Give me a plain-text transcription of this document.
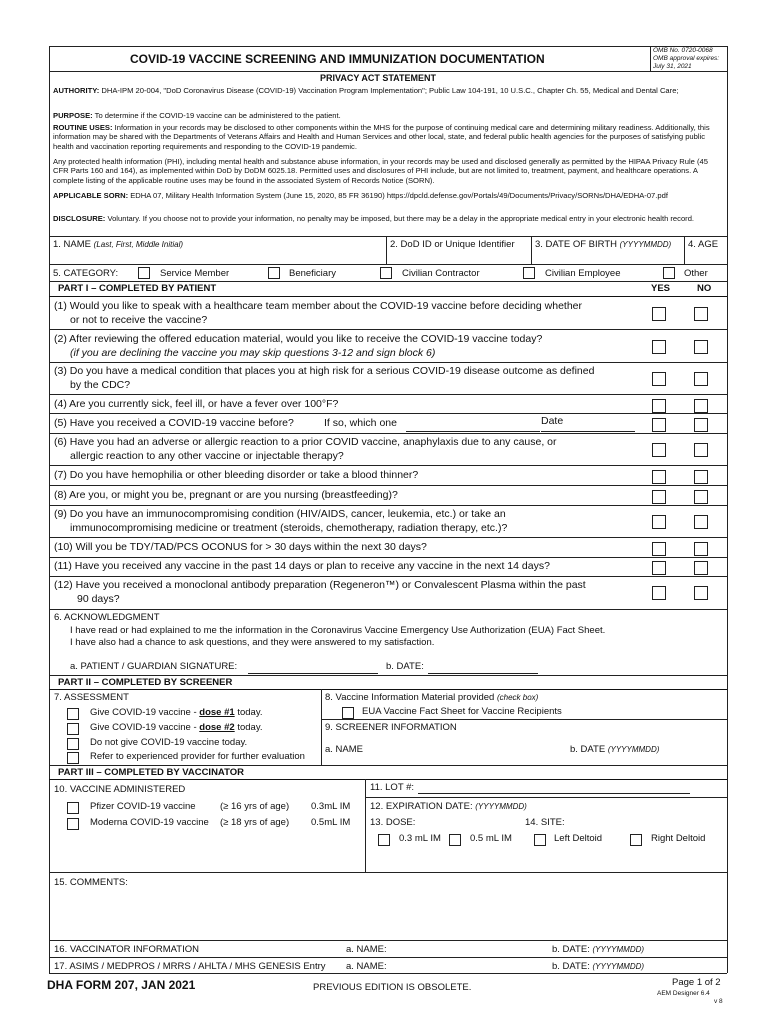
COVID-19 VACCINE SCREENING AND IMMUNIZATION DOCUMENTATION
OMB No. 0720-0068
OMB approval expires:
July 31, 2021
PRIVACY ACT STATEMENT
AUTHORITY: DHA-IPM 20-004, "DoD Coronavirus Disease (COVID-19) Vaccination Program Implementation"; Public Law 104-191, 10 U.S.C., Chapter Ch. 55, Medical and Dental Care;
PURPOSE: To determine if the COVID-19 vaccine can be administered to the patient.
ROUTINE USES: Information in your records may be disclosed to other components within the MHS for the purpose of continuing medical care and determining military readiness. Additionally, this information may be shared with the Departments of Veterans Affairs and Health and Human Services and other local, state, and federal public health agencies for the purposes of satisfying public health and vaccination reporting requirements and responding to the COVID-19 pandemic.
Any protected health information (PHI), including mental health and substance abuse information, in your records may be used and disclosed generally as permitted by the HIPAA Privacy Rule (45 CFR Parts 160 and 164), as implemented within DoD by DoDM 6025.18. Permitted uses and disclosures of PHI include, but are not limited to, treatment, payment, and healthcare operations. A complete listing of the applicable routine uses may be found in the associated System of Records Notice (SORN).
APPLICABLE SORN: EDHA 07, Military Health Information System (June 15, 2020, 85 FR 36190) https://dpcld.defense.gov/Portals/49/Documents/Privacy/SORNs/DHA/EDHA-07.pdf
DISCLOSURE: Voluntary. If you choose not to provide your information, no penalty may be imposed, but there may be a delay in the appropriate medical entry in your electronic health record.
1. NAME (Last, First, Middle Initial)	2. DoD ID or Unique Identifier 3. DATE OF BIRTH (YYYYMMDD) 4. AGE
5. CATEGORY:	Service Member	Beneficiary	Civilian Contractor	Civilian Employee	Other
PART I – COMPLETED BY PATIENT	YES	NO
(1) Would you like to speak with a healthcare team member about the COVID-19 vaccine before deciding whether
or not to receive the vaccine?
(2) After reviewing the offered education material, would you like to receive the COVID-19 vaccine today?
(if you are declining the vaccine you may skip questions 3-12 and sign block 6)
(3) Do you have a medical condition that places you at high risk for a serious COVID-19 disease outcome as defined
by the CDC?
(4) Are you currently sick, feel ill, or have a fever over 100°F?
(5) Have you received a COVID-19 vaccine before?	If so, which one	Date
(6) Have you had an adverse or allergic reaction to a prior COVID vaccine, anaphylaxis due to any cause, or
allergic reaction to any other vaccine or injectable therapy?
(7) Do you have hemophilia or other bleeding disorder or take a blood thinner?
(8) Are you, or might you be, pregnant or are you nursing (breastfeeding)?
(9) Do you have an immunocompromising condition (HIV/AIDS, cancer, leukemia, etc.) or take an
immunocompromising medicine or treatment (steroids, chemotherapy, radiation therapy, etc.)?
(10) Will you be TDY/TAD/PCS OCONUS for > 30 days within the next 30 days?
(11) Have you received any vaccine in the past 14 days or plan to receive any vaccine in the next 14 days?
(12) Have you received a monoclonal antibody preparation (Regeneron™) or Convalescent Plasma within the past
90 days?
6. ACKNOWLEDGMENT
I have read or had explained to me the information in the Coronavirus Vaccine Emergency Use Authorization (EUA) Fact Sheet.
I have also had a chance to ask questions, and they were answered to my satisfaction.
a. PATIENT / GUARDIAN SIGNATURE:	b. DATE:
PART II – COMPLETED BY SCREENER
7. ASSESSMENT
Give COVID-19 vaccine - dose #1 today.
Give COVID-19 vaccine - dose #2 today.
Do not give COVID-19 vaccine today.
Refer to experienced provider for further evaluation
8. Vaccine Information Material provided (check box)
EUA Vaccine Fact Sheet for Vaccine Recipients
9. SCREENER INFORMATION
a. NAME	b. DATE (YYYYMMDD)
PART III – COMPLETED BY VACCINATOR
10. VACCINE ADMINISTERED
Pfizer COVID-19 vaccine	(≥ 16 yrs of age) 0.3mL IM
Moderna COVID-19 vaccine (≥ 18 yrs of age) 0.5mL IM
11. LOT #:
12. EXPIRATION DATE: (YYYYMMDD)
13. DOSE:	14. SITE:
0.3 mL IM	0.5 mL IM	Left Deltoid	Right Deltoid
15. COMMENTS:
16. VACCINATOR INFORMATION	a. NAME:	b. DATE: (YYYYMMDD)
17. ASIMS / MEDPROS / MRRS / AHLTA / MHS GENESIS Entry a. NAME:	b. DATE: (YYYYMMDD)
DHA FORM 207, JAN 2021	PREVIOUS EDITION IS OBSOLETE.	Page 1 of 2
AEM Designer 6.4
v 8
